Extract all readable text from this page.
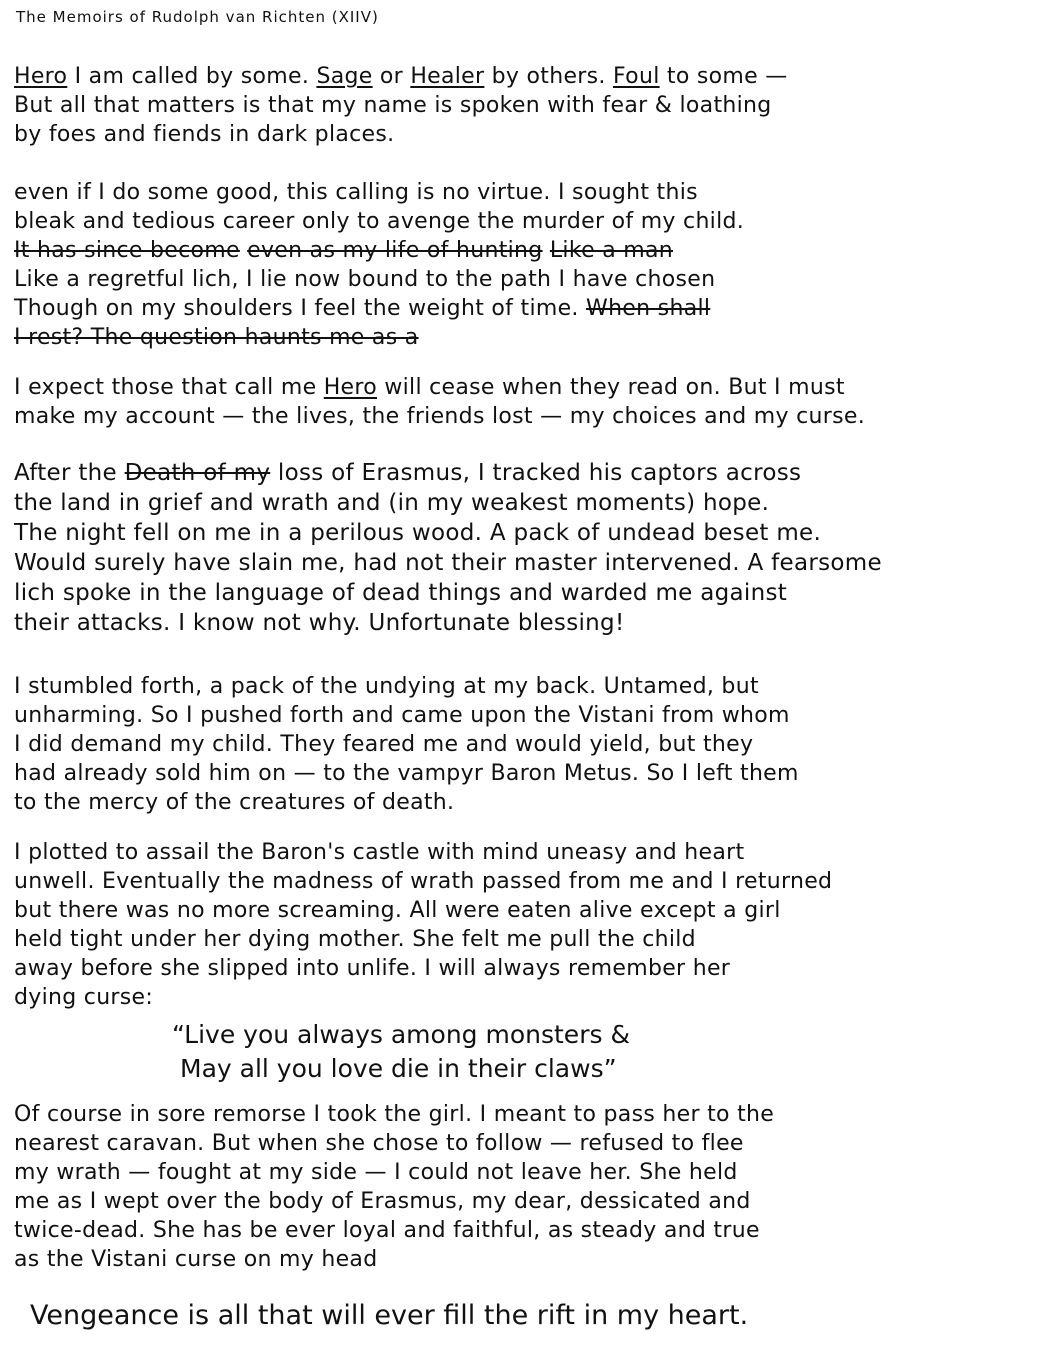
The Memoirs of Rudolph van Richten (XIIV)
Hero I am called by some. Sage or Healer by others. Foul to some —
But all that matters is that my name is spoken with fear & loathing
by foes and fiends in dark places.
even if I do some good, this calling is no virtue. I sought this
bleak and tedious career only to avenge the murder of my child.
It has since become even as my life of hunting Like a man
Like a regretful lich, I lie now bound to the path I have chosen
Though on my shoulders I feel the weight of time. When shall
I rest? The question haunts me as a
I expect those that call me Hero will cease when they read on. But I must
make my account — the lives, the friends lost — my choices and my curse.
After the Death of my loss of Erasmus, I tracked his captors across
the land in grief and wrath and (in my weakest moments) hope.
The night fell on me in a perilous wood. A pack of undead beset me.
Would surely have slain me, had not their master intervened. A fearsome
lich spoke in the language of dead things and warded me against
their attacks. I know not why. Unfortunate blessing!
I stumbled forth, a pack of the undying at my back. Untamed, but
unharming. So I pushed forth and came upon the Vistani from whom
I did demand my child. They feared me and would yield, but they
had already sold him on — to the vampyr Baron Metus. So I left them
to the mercy of the creatures of death.
I plotted to assail the Baron's castle with mind uneasy and heart
unwell. Eventually the madness of wrath passed from me and I returned
but there was no more screaming. All were eaten alive except a girl
held tight under her dying mother. She felt me pull the child
away before she slipped into unlife. I will always remember her
dying curse:
“Live you always among monsters &
May all you love die in their claws”
Of course in sore remorse I took the girl. I meant to pass her to the
nearest caravan. But when she chose to follow — refused to flee
my wrath — fought at my side — I could not leave her. She held
me as I wept over the body of Erasmus, my dear, dessicated and
twice-dead. She has be ever loyal and faithful, as steady and true
as the Vistani curse on my head
Vengeance is all that will ever fill the rift in my heart.
